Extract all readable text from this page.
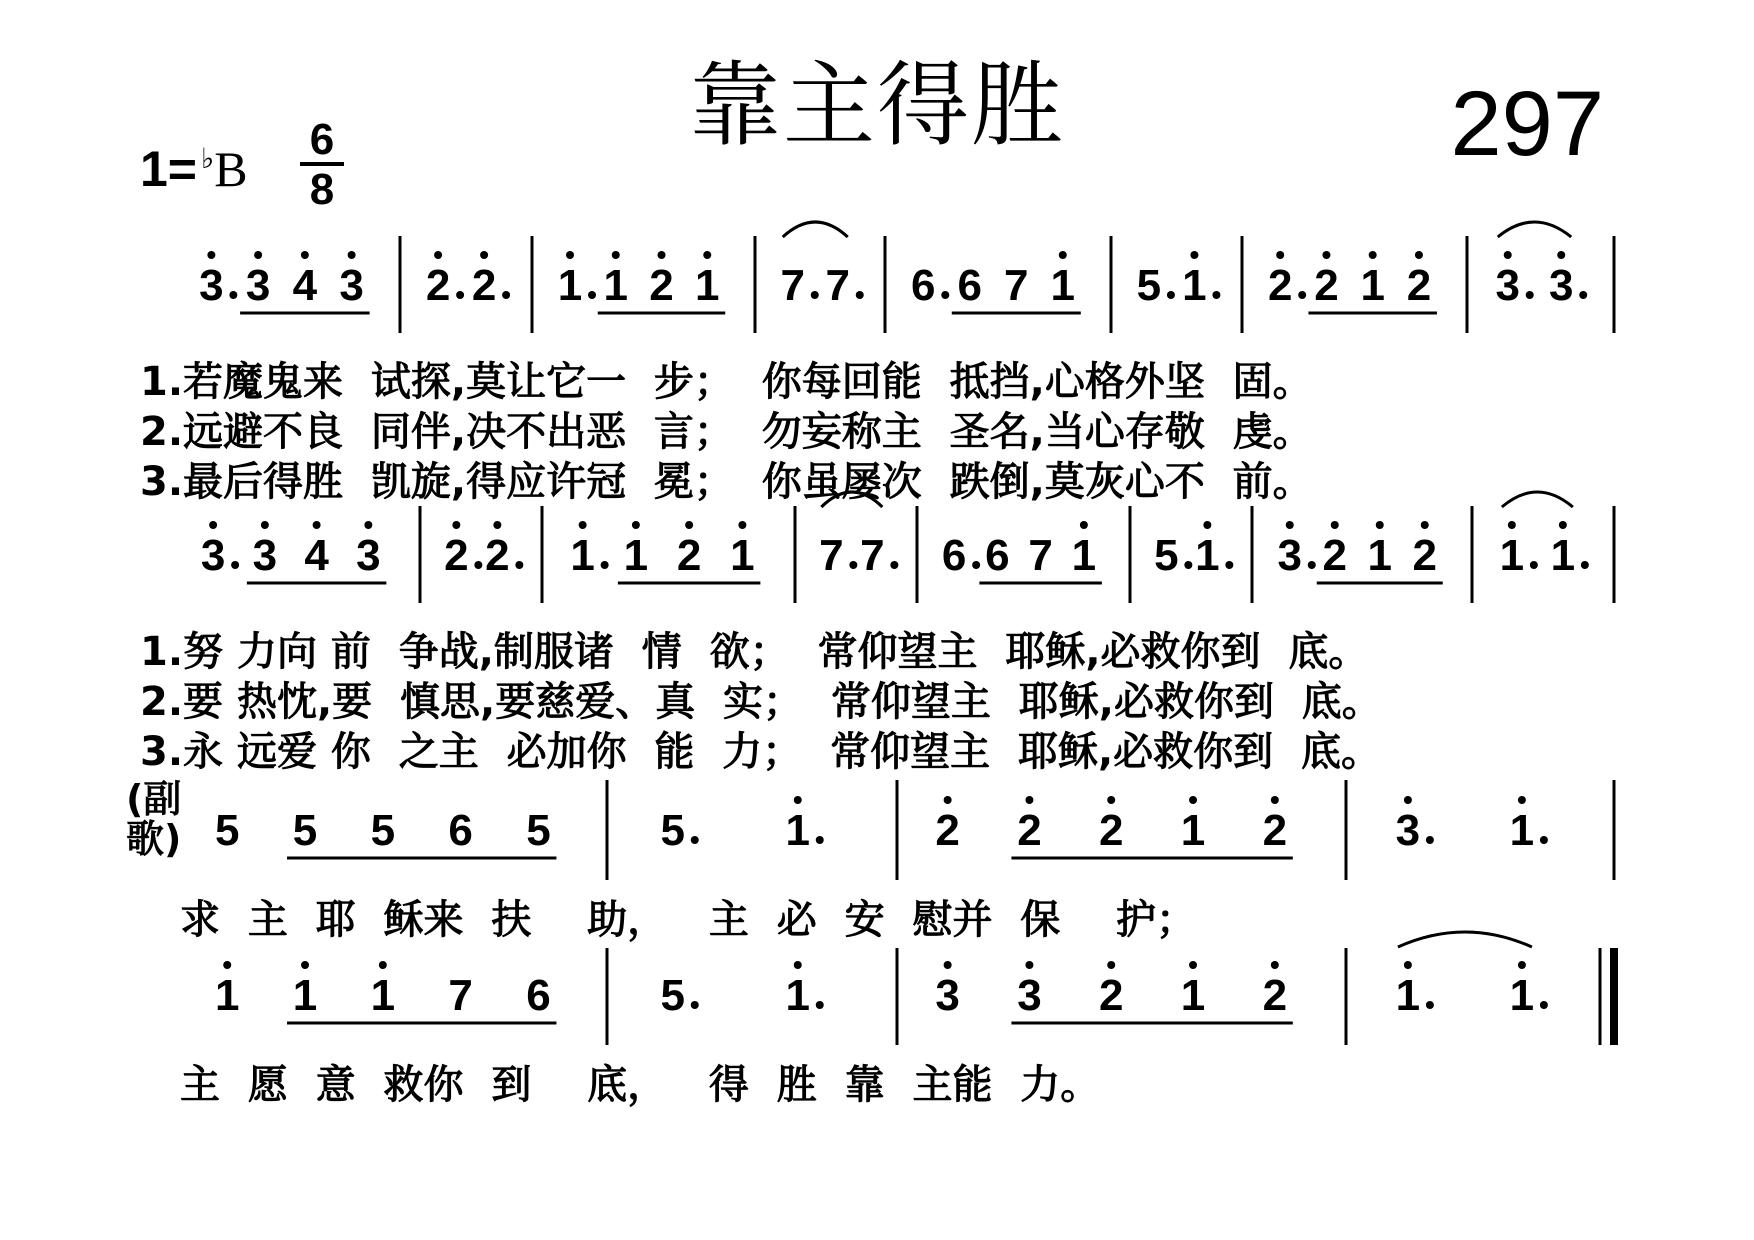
靠主得胜	297
1= ♭B
6
8
(副歌)
3 3 4 3 2 2 1 1 2 1 7 7 6 6 7 1 5 1 2 2 1 2 3 3
3 3 4 3 2 2 1 1 2 1 7 7 6 6 7 1 5 1 3 2 1 2 1 1
5 5 5 6 5 5 1	2 2 2 1 2 3 1
1 1 1 7 6 5 1	3 3 2 1 2 1 1
1.若魔鬼来  试探,莫让它一  步；  你每回能  抵挡,心格外坚  固。
2.远避不良  同伴,决不出恶  言；  勿妄称主  圣名,当心存敬  虔。
3.最后得胜  凯旋,得应许冠  冕；  你虽屡次  跌倒,莫灰心不  前。
1.努 力向 前  争战,制服诸  情  欲；  常仰望主  耶稣,必救你到  底。
2.要 热忱,要  慎思,要慈爱、真  实；  常仰望主  耶稣,必救你到  底。
3.永 远爱 你  之主  必加你  能  力；  常仰望主  耶稣,必救你到  底。
求  主  耶  稣来  扶    助，   主  必  安  慰并  保    护；
主  愿  意  救你  到    底，   得  胜  靠  主能  力。
